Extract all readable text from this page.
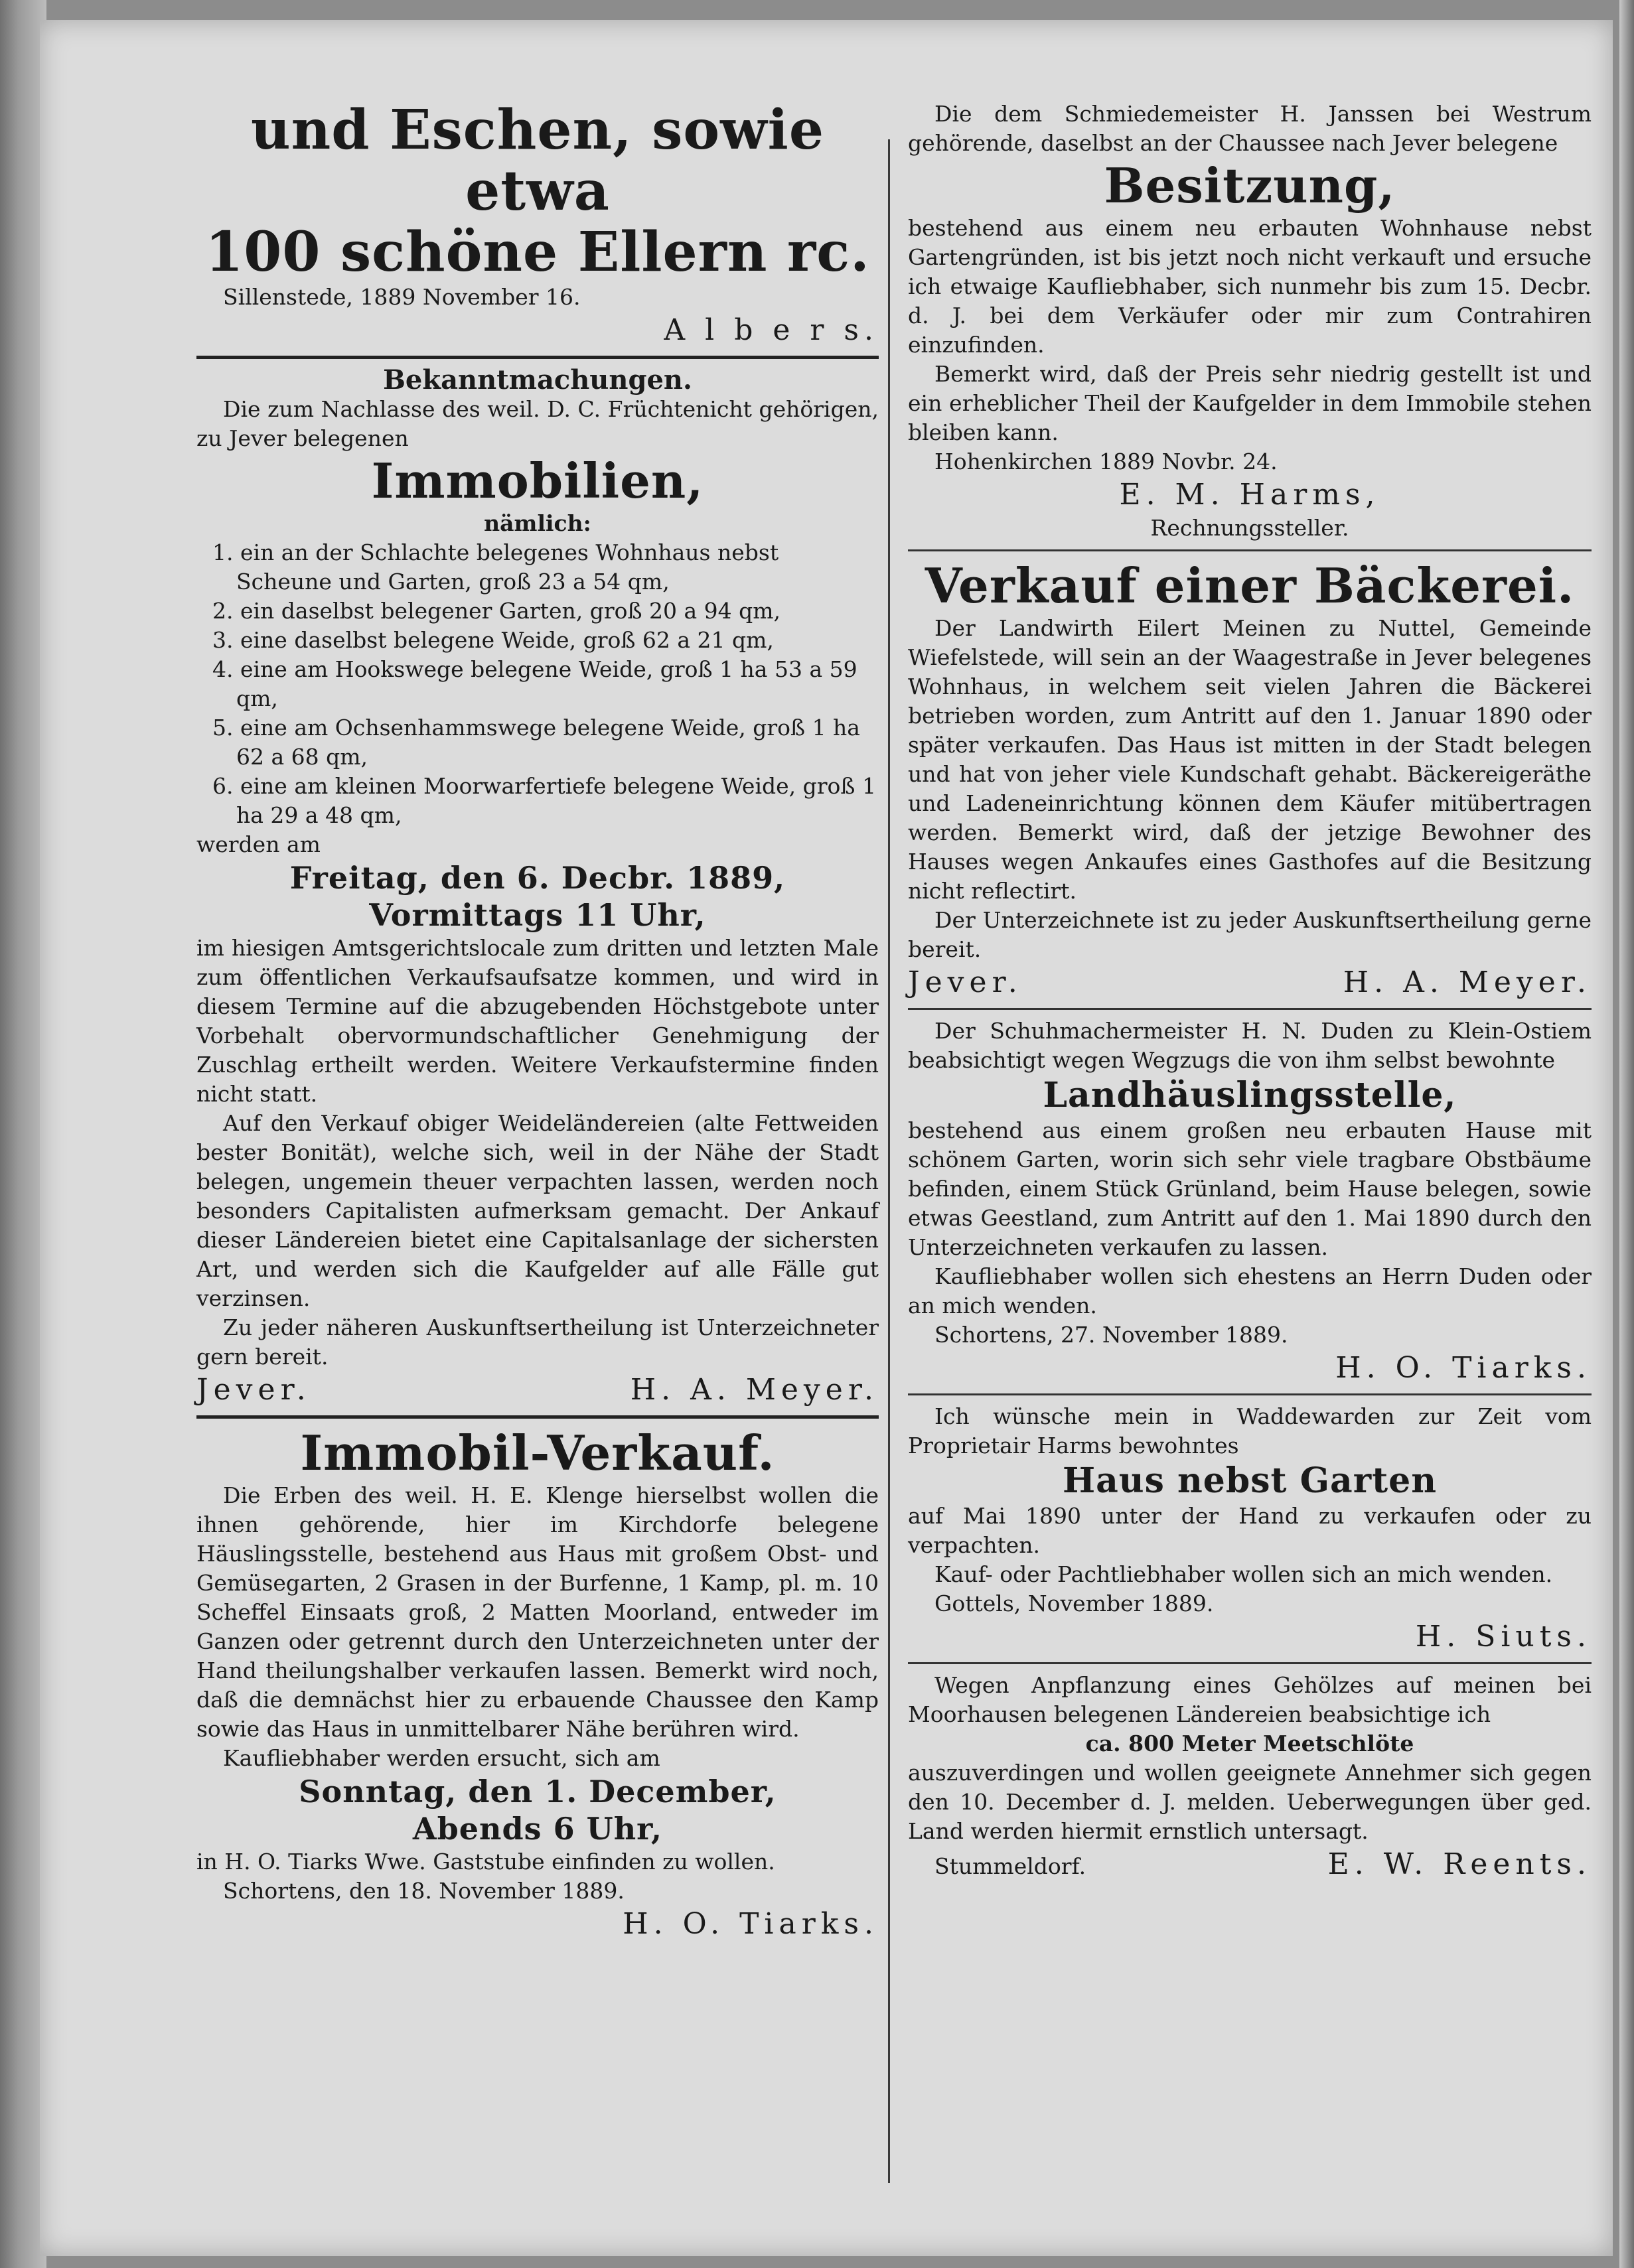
und Eschen, sowie etwa
100 schöne Ellern rc.
Sillenstede, 1889 November 16.
A l b e r s.
Bekanntmachungen.
Die zum Nachlasse des weil. D. C. Früchtenicht gehörigen, zu Jever belegenen
Immobilien,
nämlich:
1. ein an der Schlachte belegenes Wohnhaus nebst Scheune und Garten, groß 23 a 54 qm,
2. ein daselbst belegener Garten, groß 20 a 94 qm,
3. eine daselbst belegene Weide, groß 62 a 21 qm,
4. eine am Hookswege belegene Weide, groß 1 ha 53 a 59 qm,
5. eine am Ochsenhammswege belegene Weide, groß 1 ha 62 a 68 qm,
6. eine am kleinen Moorwarfertiefe belegene Weide, groß 1 ha 29 a 48 qm,
werden am
Freitag, den 6. Decbr. 1889,
Vormittags 11 Uhr,
im hiesigen Amtsgerichtslocale zum dritten und letzten Male zum öffentlichen Verkaufsaufsatze kommen, und wird in diesem Termine auf die abzugebenden Höchstgebote unter Vorbehalt obervormundschaftlicher Genehmigung der Zuschlag ertheilt werden. Weitere Verkaufstermine finden nicht statt.
Auf den Verkauf obiger Weideländereien (alte Fettweiden bester Bonität), welche sich, weil in der Nähe der Stadt belegen, ungemein theuer verpachten lassen, werden noch besonders Capitalisten aufmerksam gemacht. Der Ankauf dieser Ländereien bietet eine Capitalsanlage der sichersten Art, und werden sich die Kaufgelder auf alle Fälle gut verzinsen.
Zu jeder näheren Auskunftsertheilung ist Unterzeichneter gern bereit.
Jever.	H. A. Meyer.
Immobil-Verkauf.
Die Erben des weil. H. E. Klenge hierselbst wollen die ihnen gehörende, hier im Kirchdorfe belegene Häuslingsstelle, bestehend aus Haus mit großem Obst- und Gemüsegarten, 2 Grasen in der Burfenne, 1 Kamp, pl. m. 10 Scheffel Einsaats groß, 2 Matten Moorland, entweder im Ganzen oder getrennt durch den Unterzeichneten unter der Hand theilungshalber verkaufen lassen. Bemerkt wird noch, daß die demnächst hier zu erbauende Chaussee den Kamp sowie das Haus in unmittelbarer Nähe berühren wird.
Kaufliebhaber werden ersucht, sich am
Sonntag, den 1. December,
Abends 6 Uhr,
in H. O. Tiarks Wwe. Gaststube einfinden zu wollen.
Schortens, den 18. November 1889.
H. O. Tiarks.
Die dem Schmiedemeister H. Janssen bei Westrum gehörende, daselbst an der Chaussee nach Jever belegene
Besitzung,
bestehend aus einem neu erbauten Wohnhause nebst Gartengründen, ist bis jetzt noch nicht verkauft und ersuche ich etwaige Kaufliebhaber, sich nunmehr bis zum 15. Decbr. d. J. bei dem Verkäufer oder mir zum Contrahiren einzufinden.
Bemerkt wird, daß der Preis sehr niedrig gestellt ist und ein erheblicher Theil der Kaufgelder in dem Immobile stehen bleiben kann.
Hohenkirchen 1889 Novbr. 24.
E. M. Harms,
Rechnungssteller.
Verkauf einer Bäckerei.
Der Landwirth Eilert Meinen zu Nuttel, Gemeinde Wiefelstede, will sein an der Waagestraße in Jever belegenes Wohnhaus, in welchem seit vielen Jahren die Bäckerei betrieben worden, zum Antritt auf den 1. Januar 1890 oder später verkaufen. Das Haus ist mitten in der Stadt belegen und hat von jeher viele Kundschaft gehabt. Bäckereigeräthe und Ladeneinrichtung können dem Käufer mitübertragen werden. Bemerkt wird, daß der jetzige Bewohner des Hauses wegen Ankaufes eines Gasthofes auf die Besitzung nicht reflectirt.
Der Unterzeichnete ist zu jeder Auskunftsertheilung gerne bereit.
Jever.	H. A. Meyer.
Der Schuhmachermeister H. N. Duden zu Klein-Ostiem beabsichtigt wegen Wegzugs die von ihm selbst bewohnte
Landhäuslingsstelle,
bestehend aus einem großen neu erbauten Hause mit schönem Garten, worin sich sehr viele tragbare Obstbäume befinden, einem Stück Grünland, beim Hause belegen, sowie etwas Geestland, zum Antritt auf den 1. Mai 1890 durch den Unterzeichneten verkaufen zu lassen.
Kaufliebhaber wollen sich ehestens an Herrn Duden oder an mich wenden.
Schortens, 27. November 1889.
H. O. Tiarks.
Ich wünsche mein in Waddewarden zur Zeit vom Proprietair Harms bewohntes
Haus nebst Garten
auf Mai 1890 unter der Hand zu verkaufen oder zu verpachten.
Kauf- oder Pachtliebhaber wollen sich an mich wenden.
Gottels, November 1889.
H. Siuts.
Wegen Anpflanzung eines Gehölzes auf meinen bei Moorhausen belegenen Ländereien beabsichtige ich
ca. 800 Meter Meetschlöte
auszuverdingen und wollen geeignete Annehmer sich gegen den 10. December d. J. melden. Ueberwegungen über ged. Land werden hiermit ernstlich untersagt.
Stummeldorf.	E. W. Reents.
